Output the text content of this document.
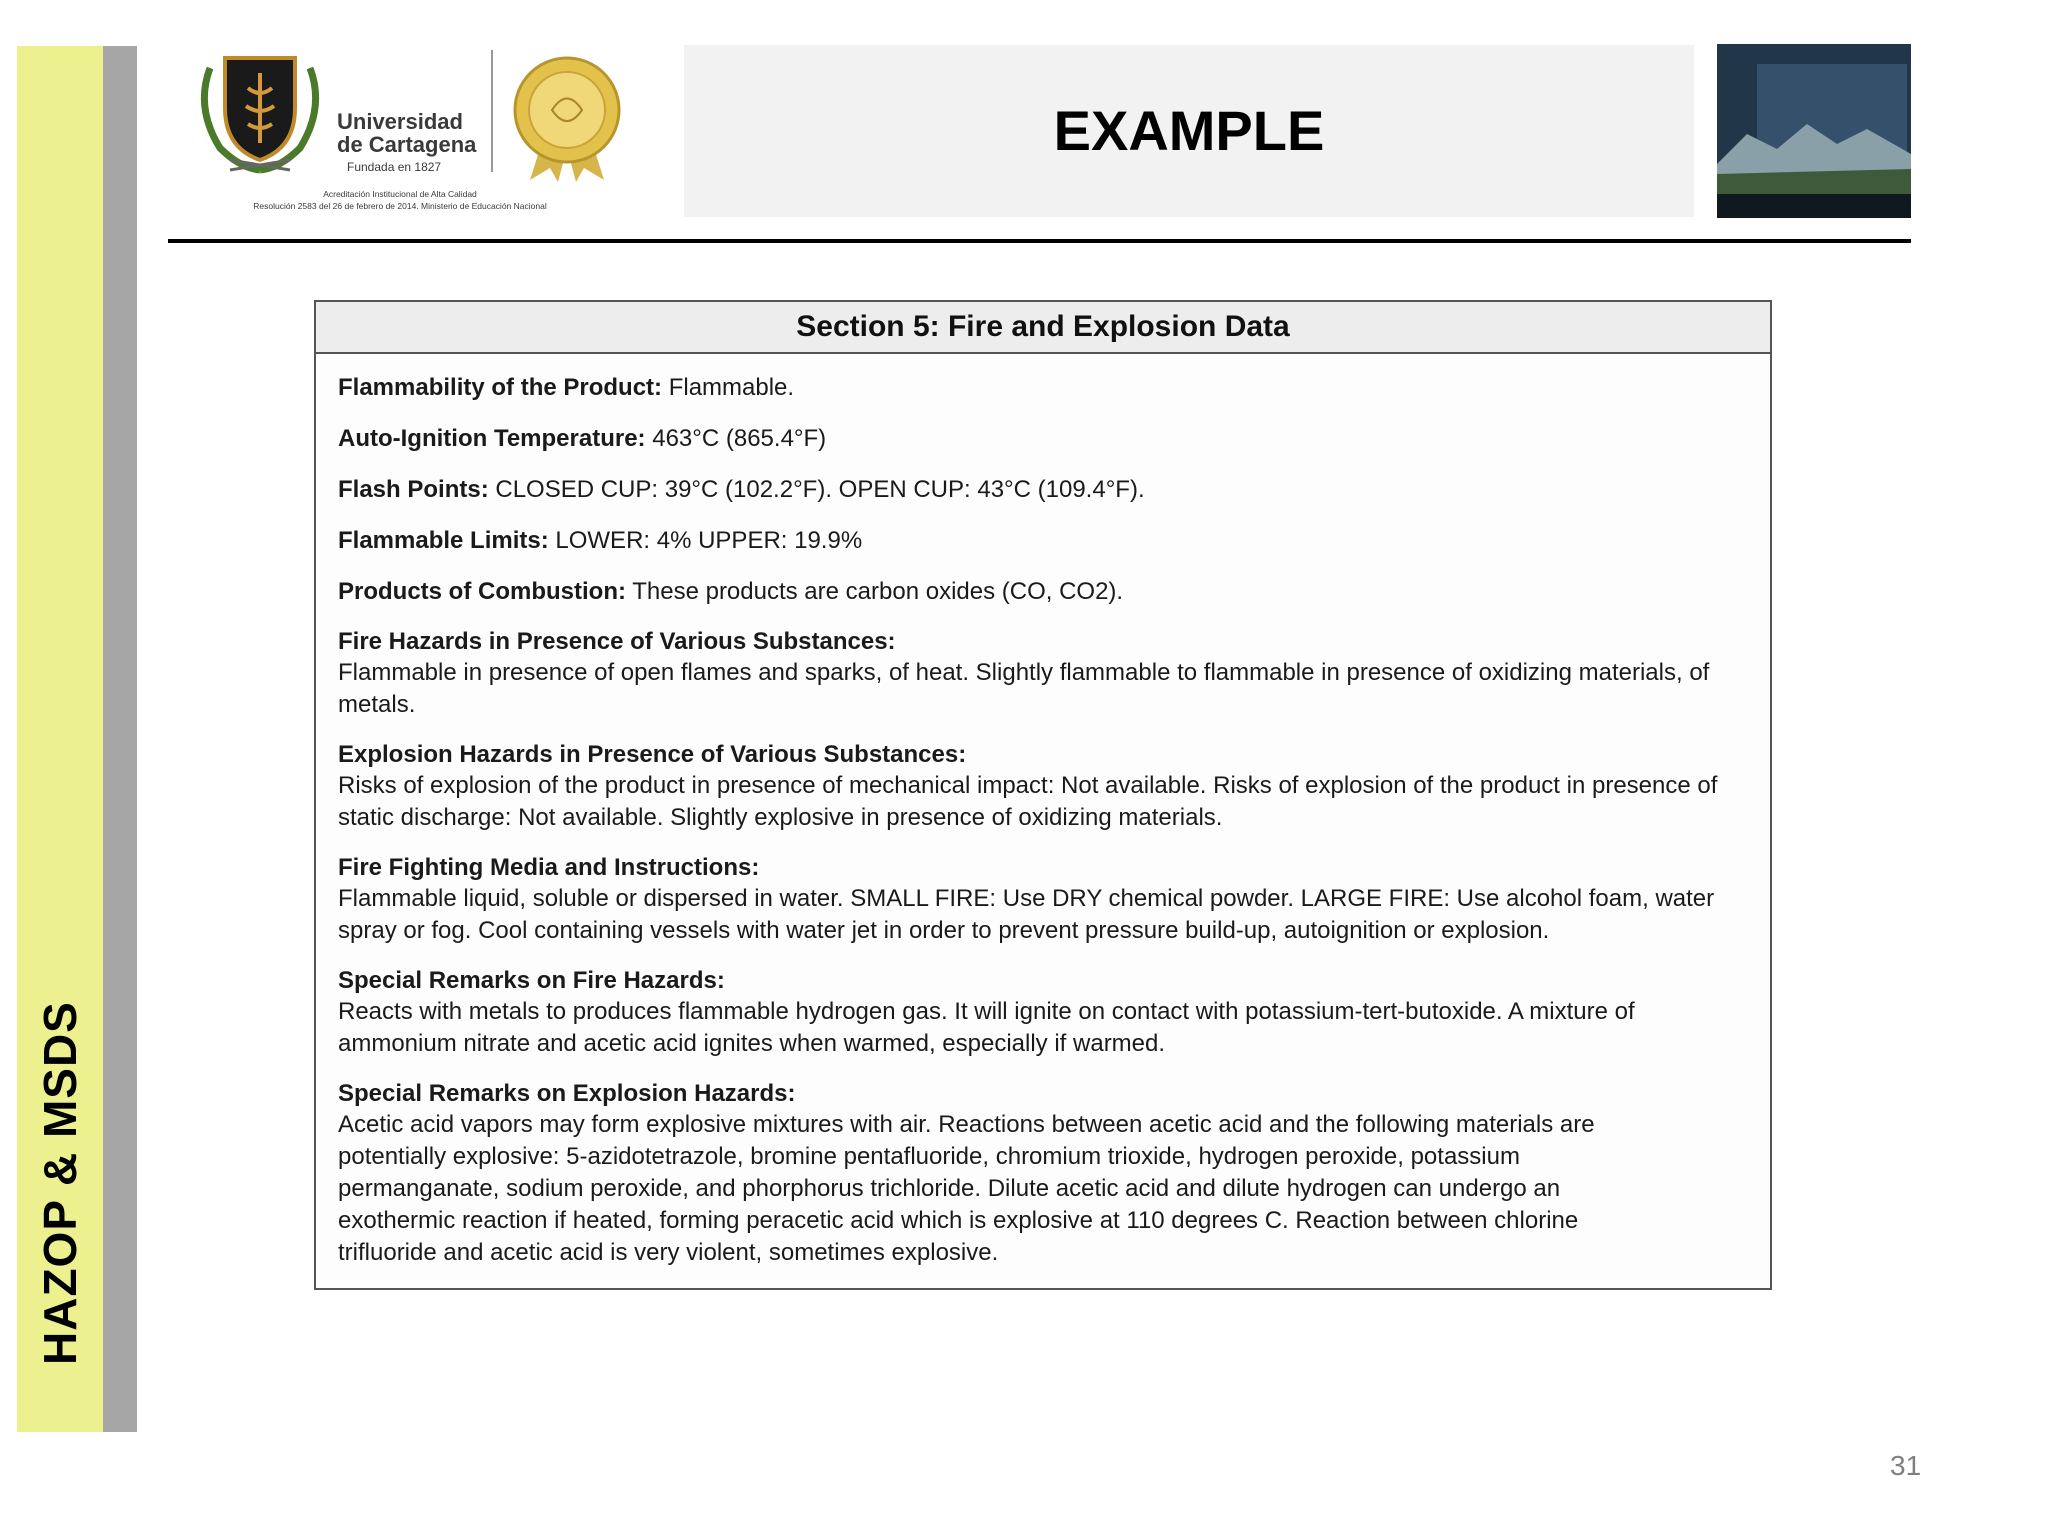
HAZOP & MSDS
Universidad
de Cartagena
Fundada en 1827
Acreditación Institucional de Alta Calidad
Resolución 2583 del 26 de febrero de 2014. Ministerio de Educación Nacional
EXAMPLE
Section 5: Fire and Explosion Data
Flammability of the Product: Flammable.
Auto-Ignition Temperature: 463°C (865.4°F)
Flash Points: CLOSED CUP: 39°C (102.2°F). OPEN CUP: 43°C (109.4°F).
Flammable Limits: LOWER: 4% UPPER: 19.9%
Products of Combustion: These products are carbon oxides (CO, CO2).
Fire Hazards in Presence of Various Substances:
Flammable in presence of open flames and sparks, of heat. Slightly flammable to flammable in presence of oxidizing materials, of metals.
Explosion Hazards in Presence of Various Substances:
Risks of explosion of the product in presence of mechanical impact: Not available. Risks of explosion of the product in presence of static discharge: Not available. Slightly explosive in presence of oxidizing materials.
Fire Fighting Media and Instructions:
Flammable liquid, soluble or dispersed in water. SMALL FIRE: Use DRY chemical powder. LARGE FIRE: Use alcohol foam, water spray or fog. Cool containing vessels with water jet in order to prevent pressure build-up, autoignition or explosion.
Special Remarks on Fire Hazards:
Reacts with metals to produces flammable hydrogen gas. It will ignite on contact with potassium-tert-butoxide. A mixture of ammonium nitrate and acetic acid ignites when warmed, especially if warmed.
Special Remarks on Explosion Hazards:
Acetic acid vapors may form explosive mixtures with air. Reactions between acetic acid and the following materials are potentially explosive: 5-azidotetrazole, bromine pentafluoride, chromium trioxide, hydrogen peroxide, potassium permanganate, sodium peroxide, and phorphorus trichloride. Dilute acetic acid and dilute hydrogen can undergo an exothermic reaction if heated, forming peracetic acid which is explosive at 110 degrees C. Reaction between chlorine trifluoride and acetic acid is very violent, sometimes explosive.
31
